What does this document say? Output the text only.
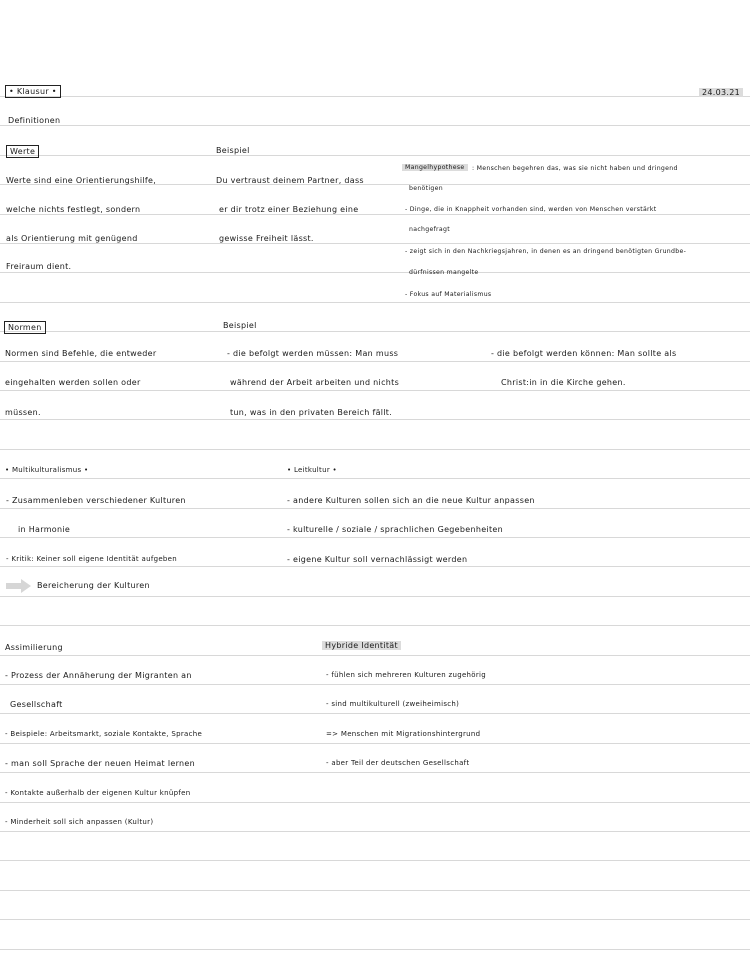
• Klausur •	24.03.21
Definitionen
Werte
Werte sind eine Orientierungshilfe,
welche nichts festlegt, sondern
als Orientierung mit genügend
Freiraum dient.
Beispiel
Du vertraust deinem Partner, dass
er dir trotz einer Beziehung eine
gewisse Freiheit lässt.
Mangelhypothese	: Menschen begehren das, was sie nicht haben und dringend
benötigen
- Dinge, die in Knappheit vorhanden sind, werden von Menschen verstärkt
nachgefragt
- zeigt sich in den Nachkriegsjahren, in denen es an dringend benötigten Grundbe-
dürfnissen mangelte
- Fokus auf Materialismus
Normen
Normen sind Befehle, die entweder
eingehalten werden sollen oder
müssen.
Beispiel
- die befolgt werden müssen: Man muss
während der Arbeit arbeiten und nichts
tun, was in den privaten Bereich fällt.
- die befolgt werden können: Man sollte als
Christ:in in die Kirche gehen.
• Multikulturalismus •
- Zusammenleben verschiedener Kulturen
in Harmonie
- Kritik: Keiner soll eigene Identität aufgeben
Bereicherung der Kulturen
• Leitkultur •
- andere Kulturen sollen sich an die neue Kultur anpassen
- kulturelle / soziale / sprachlichen Gegebenheiten
- eigene Kultur soll vernachlässigt werden
Assimilierung
- Prozess der Annäherung der Migranten an
Gesellschaft
- Beispiele: Arbeitsmarkt, soziale Kontakte, Sprache
- man soll Sprache der neuen Heimat lernen
- Kontakte außerhalb der eigenen Kultur knüpfen
- Minderheit soll sich anpassen (Kultur)
Hybride Identität
- fühlen sich mehreren Kulturen zugehörig
- sind multikulturell (zweiheimisch)
=> Menschen mit Migrationshintergrund
- aber Teil der deutschen Gesellschaft
